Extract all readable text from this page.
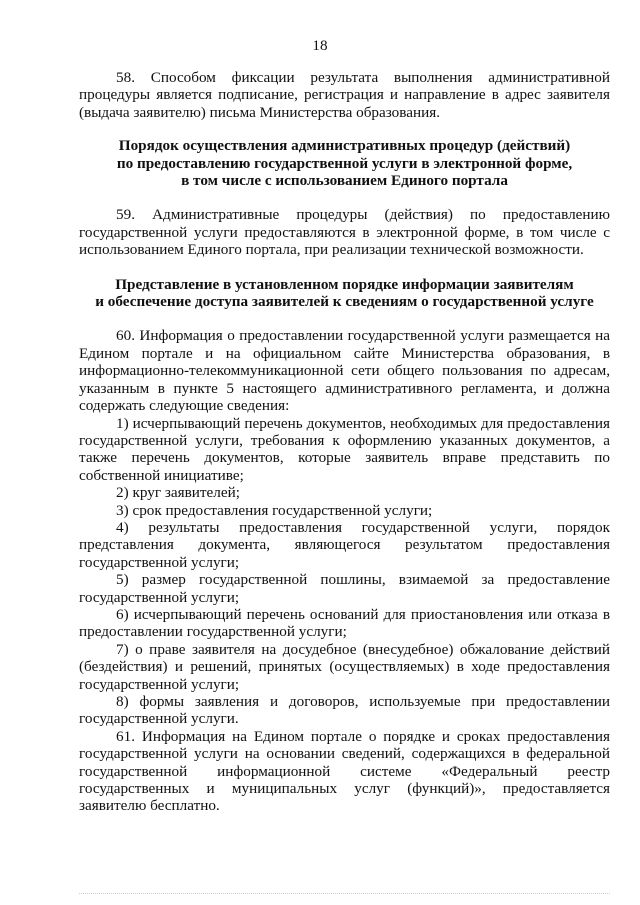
18

58. Способом фиксации результата выполнения административной процедуры является подписание, регистрация и направление в адрес заявителя (выдача заявителю) письма Министерства образования.

Порядок осуществления административных процедур (действий)
по предоставлению государственной услуги в электронной форме,
в том числе с использованием Единого портала

59. Административные процедуры (действия) по предоставлению государственной услуги предоставляются в электронной форме, в том числе с использованием Единого портала, при реализации технической возможности.

Представление в установленном порядке информации заявителям
и обеспечение доступа заявителей к сведениям о государственной услуге

60. Информация о предоставлении государственной услуги размещается на Едином портале и на официальном сайте Министерства образования, в информационно-телекоммуникационной сети общего пользования по адресам, указанным в пункте 5 настоящего административного регламента, и должна содержать следующие сведения:

1) исчерпывающий перечень документов, необходимых для предоставления государственной услуги, требования к оформлению указанных документов, а также перечень документов, которые заявитель вправе представить по собственной инициативе;

2) круг заявителей;

3) срок предоставления государственной услуги;

4) результаты предоставления государственной услуги, порядок представления документа, являющегося результатом предоставления государственной услуги;

5) размер государственной пошлины, взимаемой за предоставление государственной услуги;

6) исчерпывающий перечень оснований для приостановления или отказа в предоставлении государственной услуги;

7) о праве заявителя на досудебное (внесудебное) обжалование действий (бездействия) и решений, принятых (осуществляемых) в ходе предоставления государственной услуги;

8) формы заявления и договоров, используемые при предоставлении государственной услуги.

61. Информация на Едином портале о порядке и сроках предоставления государственной услуги на основании сведений, содержащихся в федеральной государственной информационной системе «Федеральный реестр государственных и муниципальных услуг (функций)», предоставляется заявителю бесплатно.
